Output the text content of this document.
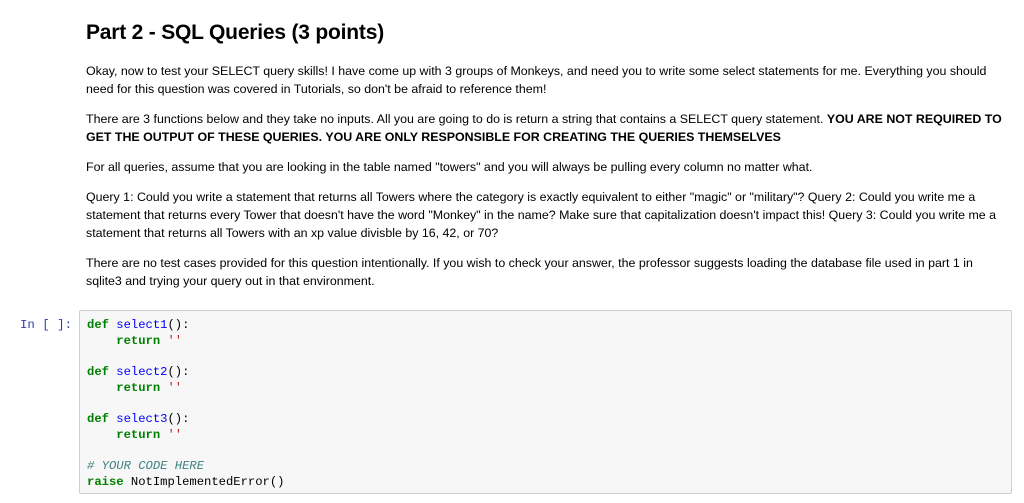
Part 2 - SQL Queries (3 points)

Okay, now to test your SELECT query skills! I have come up with 3 groups of Monkeys, and need you to write some select statements for me. Everything you should need for this question was covered in Tutorials, so don't be afraid to reference them!

There are 3 functions below and they take no inputs. All you are going to do is return a string that contains a SELECT query statement. YOU ARE NOT REQUIRED TO GET THE OUTPUT OF THESE QUERIES. YOU ARE ONLY RESPONSIBLE FOR CREATING THE QUERIES THEMSELVES

For all queries, assume that you are looking in the table named "towers" and you will always be pulling every column no matter what.

Query 1: Could you write a statement that returns all Towers where the category is exactly equivalent to either "magic" or "military"? Query 2: Could you write me a statement that returns every Tower that doesn't have the word "Monkey" in the name? Make sure that capitalization doesn't impact this! Query 3: Could you write me a statement that returns all Towers with an xp value divisble by 16, 42, or 70?

There are no test cases provided for this question intentionally. If you wish to check your answer, the professor suggests loading the database file used in part 1 in sqlite3 and trying your query out in that environment.

In [ ]: def select1():
return ''

def select2():
return ''

def select3():
return ''

# YOUR CODE HERE
raise NotImplementedError()
